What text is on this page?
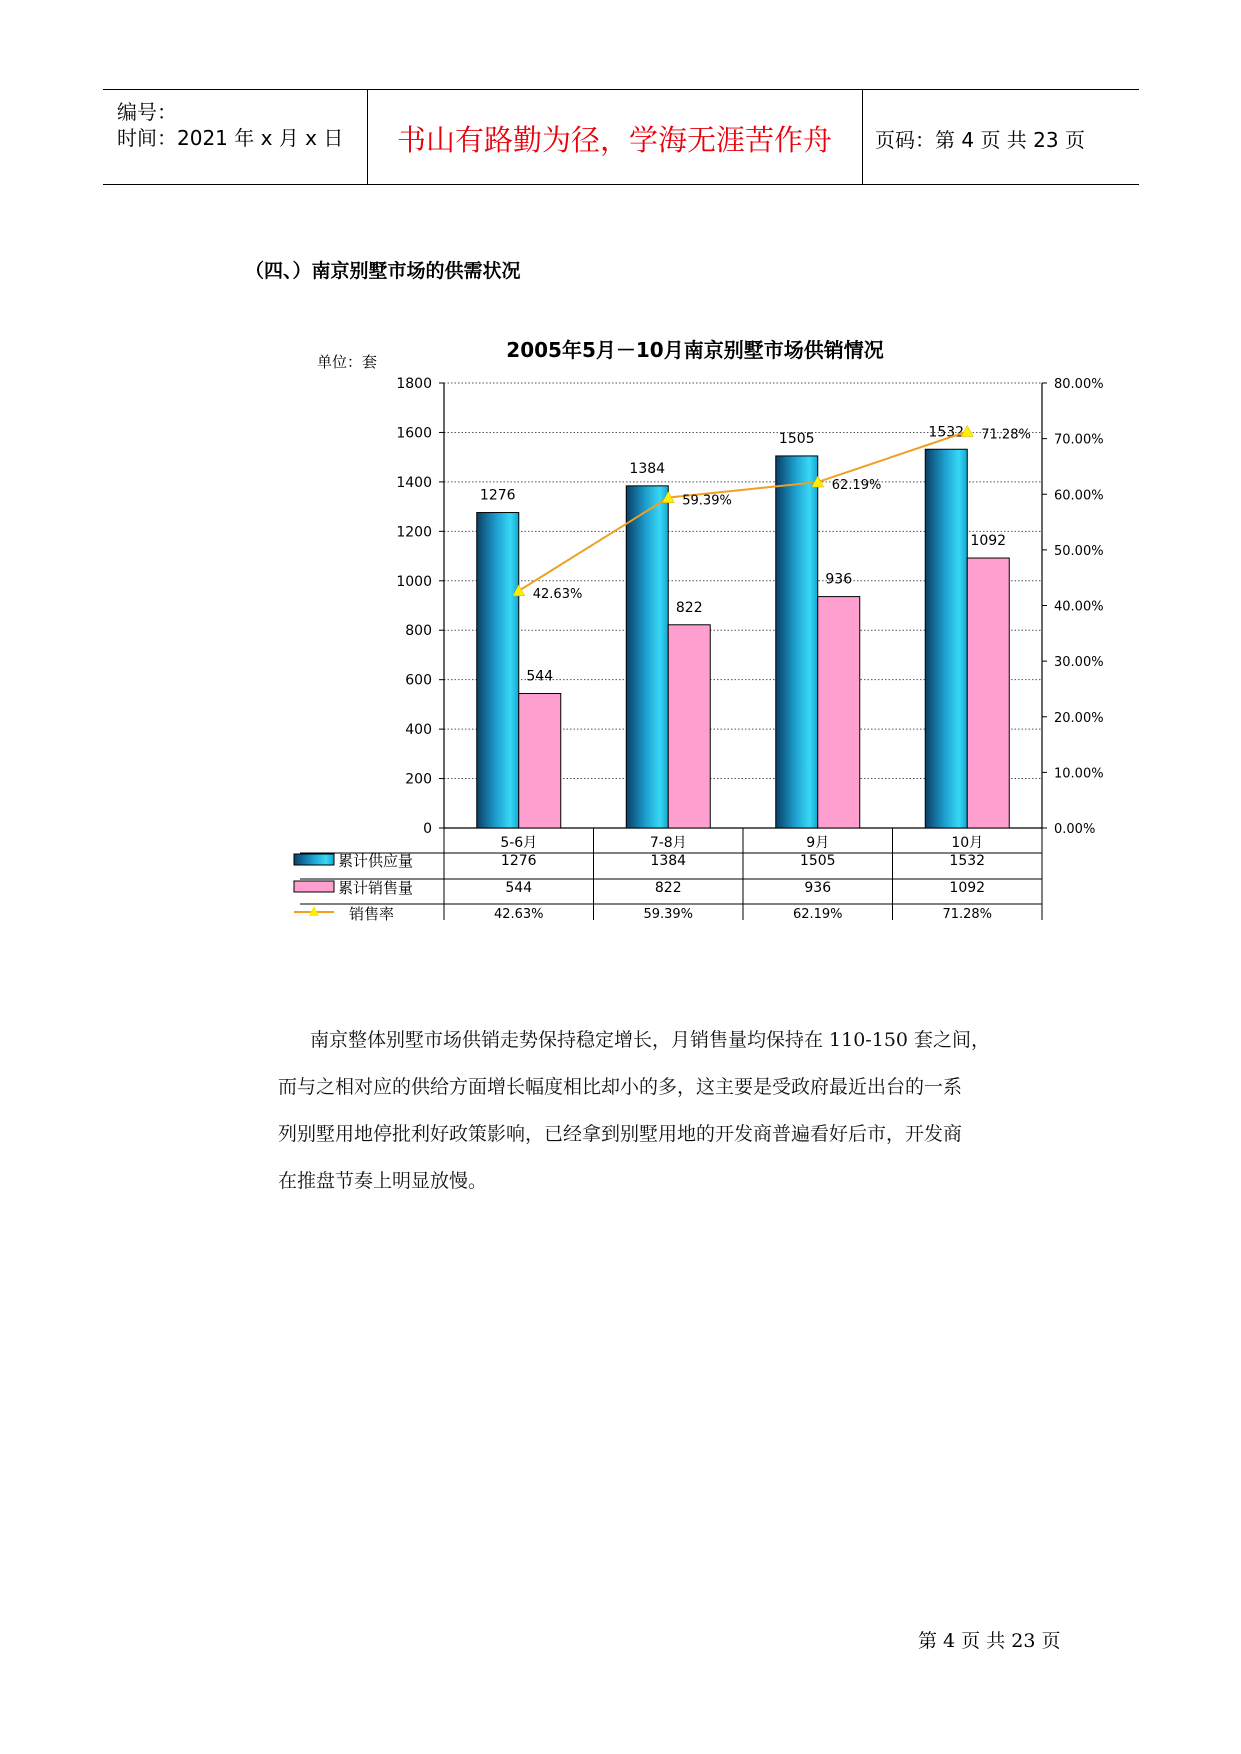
编号：
时间：2021 年 x 月 x 日	书山有路勤为径，学海无涯苦作舟	页码：第 4 页 共 23 页
（四、）南京别墅市场的供需状况
2005年5月－10月南京别墅市场供销情况
单位：套
0
200
400
600
800
1000
1200
1400
1600
1800
0.00%
10.00%
20.00%
30.00%
40.00%
50.00%
60.00%
70.00%
80.00%
1276
544
5-6月
1276
544
42.63%
1384
822
7-8月
1384
822
59.39%
1505
936
9月
1505
936
62.19%
1532
1092
10月
1532
1092
71.28%
42.63%
59.39%
62.19%
71.28%
累计供应量
累计销售量
销售率
南京整体别墅市场供销走势保持稳定增长，月销售量均保持在 110-150 套之间，
而与之相对应的供给方面增长幅度相比却小的多，这主要是受政府最近出台的一系
列别墅用地停批利好政策影响，已经拿到别墅用地的开发商普遍看好后市，开发商
在推盘节奏上明显放慢。
第 4 页 共 23 页
